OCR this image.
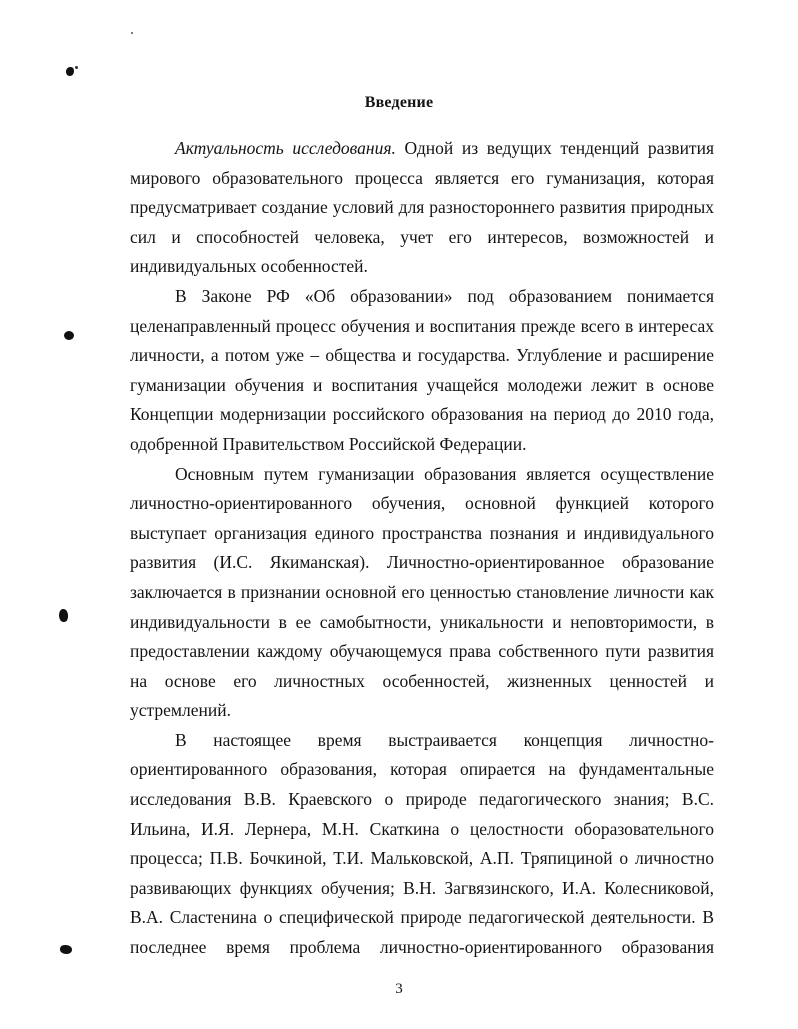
Введение

Актуальность исследования. Одной из ведущих тенденций развития мирового образовательного процесса является его гуманизация, которая предусматривает создание условий для разностороннего развития природных сил и способностей человека, учет его интересов, возможностей и индивидуальных особенностей.

В Законе РФ «Об образовании» под образованием понимается целенаправленный процесс обучения и воспитания прежде всего в интересах личности, а потом уже – общества и государства. Углубление и расширение гуманизации обучения и воспитания учащейся молодежи лежит в основе Концепции модернизации российского образования на период до 2010 года, одобренной Правительством Российской Федерации.

Основным путем гуманизации образования является осуществление личностно-ориентированного обучения, основной функцией которого выступает организация единого пространства познания и индивидуального развития (И.С. Якиманская). Личностно-ориентированное образование заключается в признании основной его ценностью становление личности как индивидуальности в ее самобытности, уникальности и неповторимости, в предоставлении каждому обучающемуся права собственного пути развития на основе его личностных особенностей, жизненных ценностей и устремлений.

В настоящее время выстраивается концепция личностно-ориентированного образования, которая опирается на фундаментальные исследования В.В. Краевского о природе педагогического знания; В.С. Ильина, И.Я. Лернера, М.Н. Скаткина о целостности оборазовательного процесса; П.В. Бочкиной, Т.И. Мальковской, А.П. Тряпициной о личностно развивающих функциях обучения; В.Н. Загвязинского, И.А. Колесниковой, В.А. Сластенина о специфической природе педагогической деятельности. В последнее время проблема личностно-ориентированного образования

3
